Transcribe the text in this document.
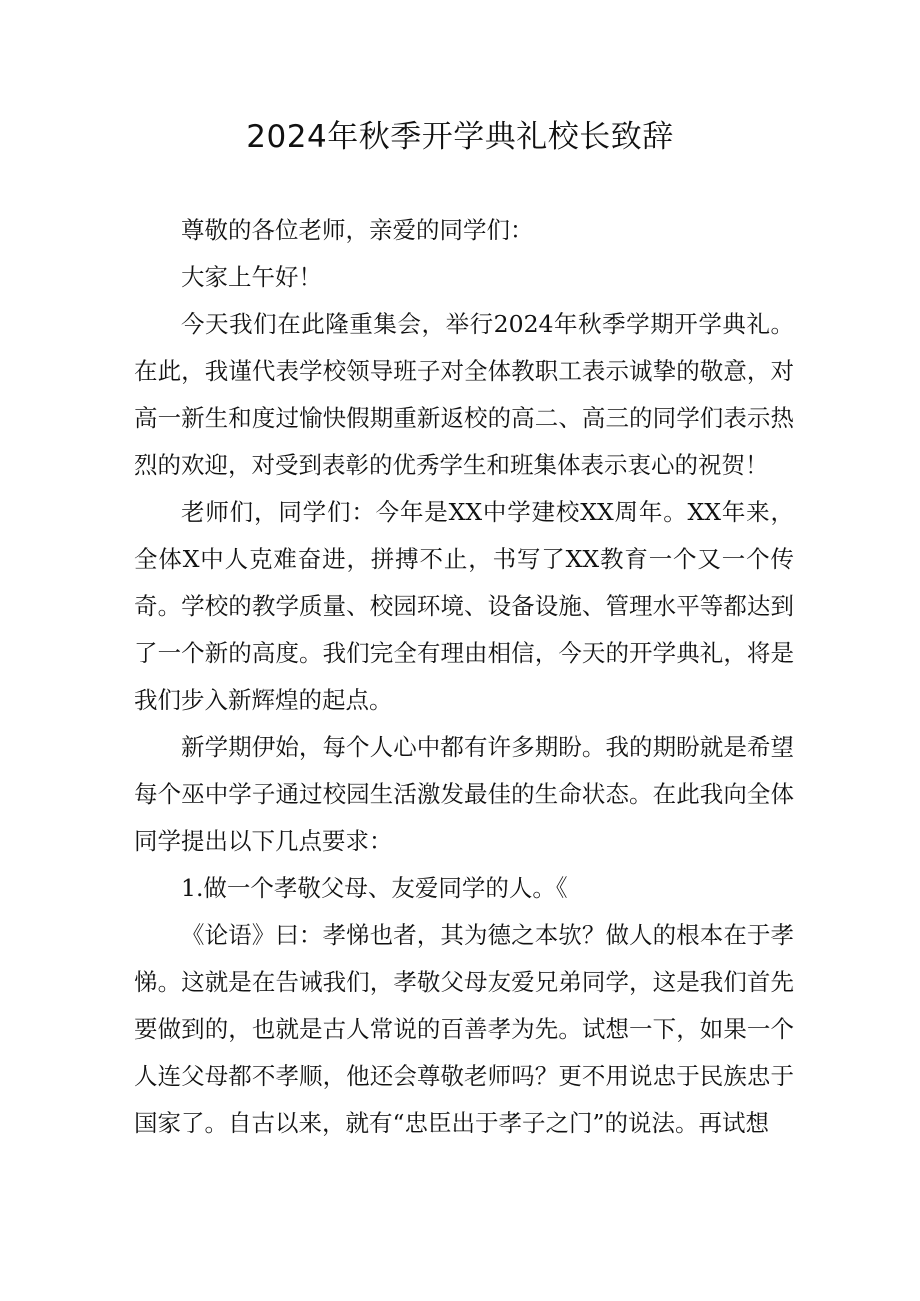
2024年秋季开学典礼校长致辞

尊敬的各位老师，亲爱的同学们：

大家上午好！

今天我们在此隆重集会，举行2024年秋季学期开学典礼。在此，我谨代表学校领导班子对全体教职工表示诚挚的敬意，对高一新生和度过愉快假期重新返校的高二、高三的同学们表示热烈的欢迎，对受到表彰的优秀学生和班集体表示衷心的祝贺！

老师们，同学们：今年是XX中学建校XX周年。XX年来，全体X中人克难奋进，拼搏不止，书写了XX教育一个又一个传奇。学校的教学质量、校园环境、设备设施、管理水平等都达到了一个新的高度。我们完全有理由相信，今天的开学典礼，将是我们步入新辉煌的起点。

新学期伊始，每个人心中都有许多期盼。我的期盼就是希望每个巫中学子通过校园生活激发最佳的生命状态。在此我向全体同学提出以下几点要求：

1.做一个孝敬父母、友爱同学的人。《

《论语》曰：孝悌也者，其为德之本欤？做人的根本在于孝悌。这就是在告诫我们，孝敬父母友爱兄弟同学，这是我们首先要做到的，也就是古人常说的百善孝为先。试想一下，如果一个人连父母都不孝顺，他还会尊敬老师吗？更不用说忠于民族忠于国家了。自古以来，就有“忠臣出于孝子之门”的说法。再试想
